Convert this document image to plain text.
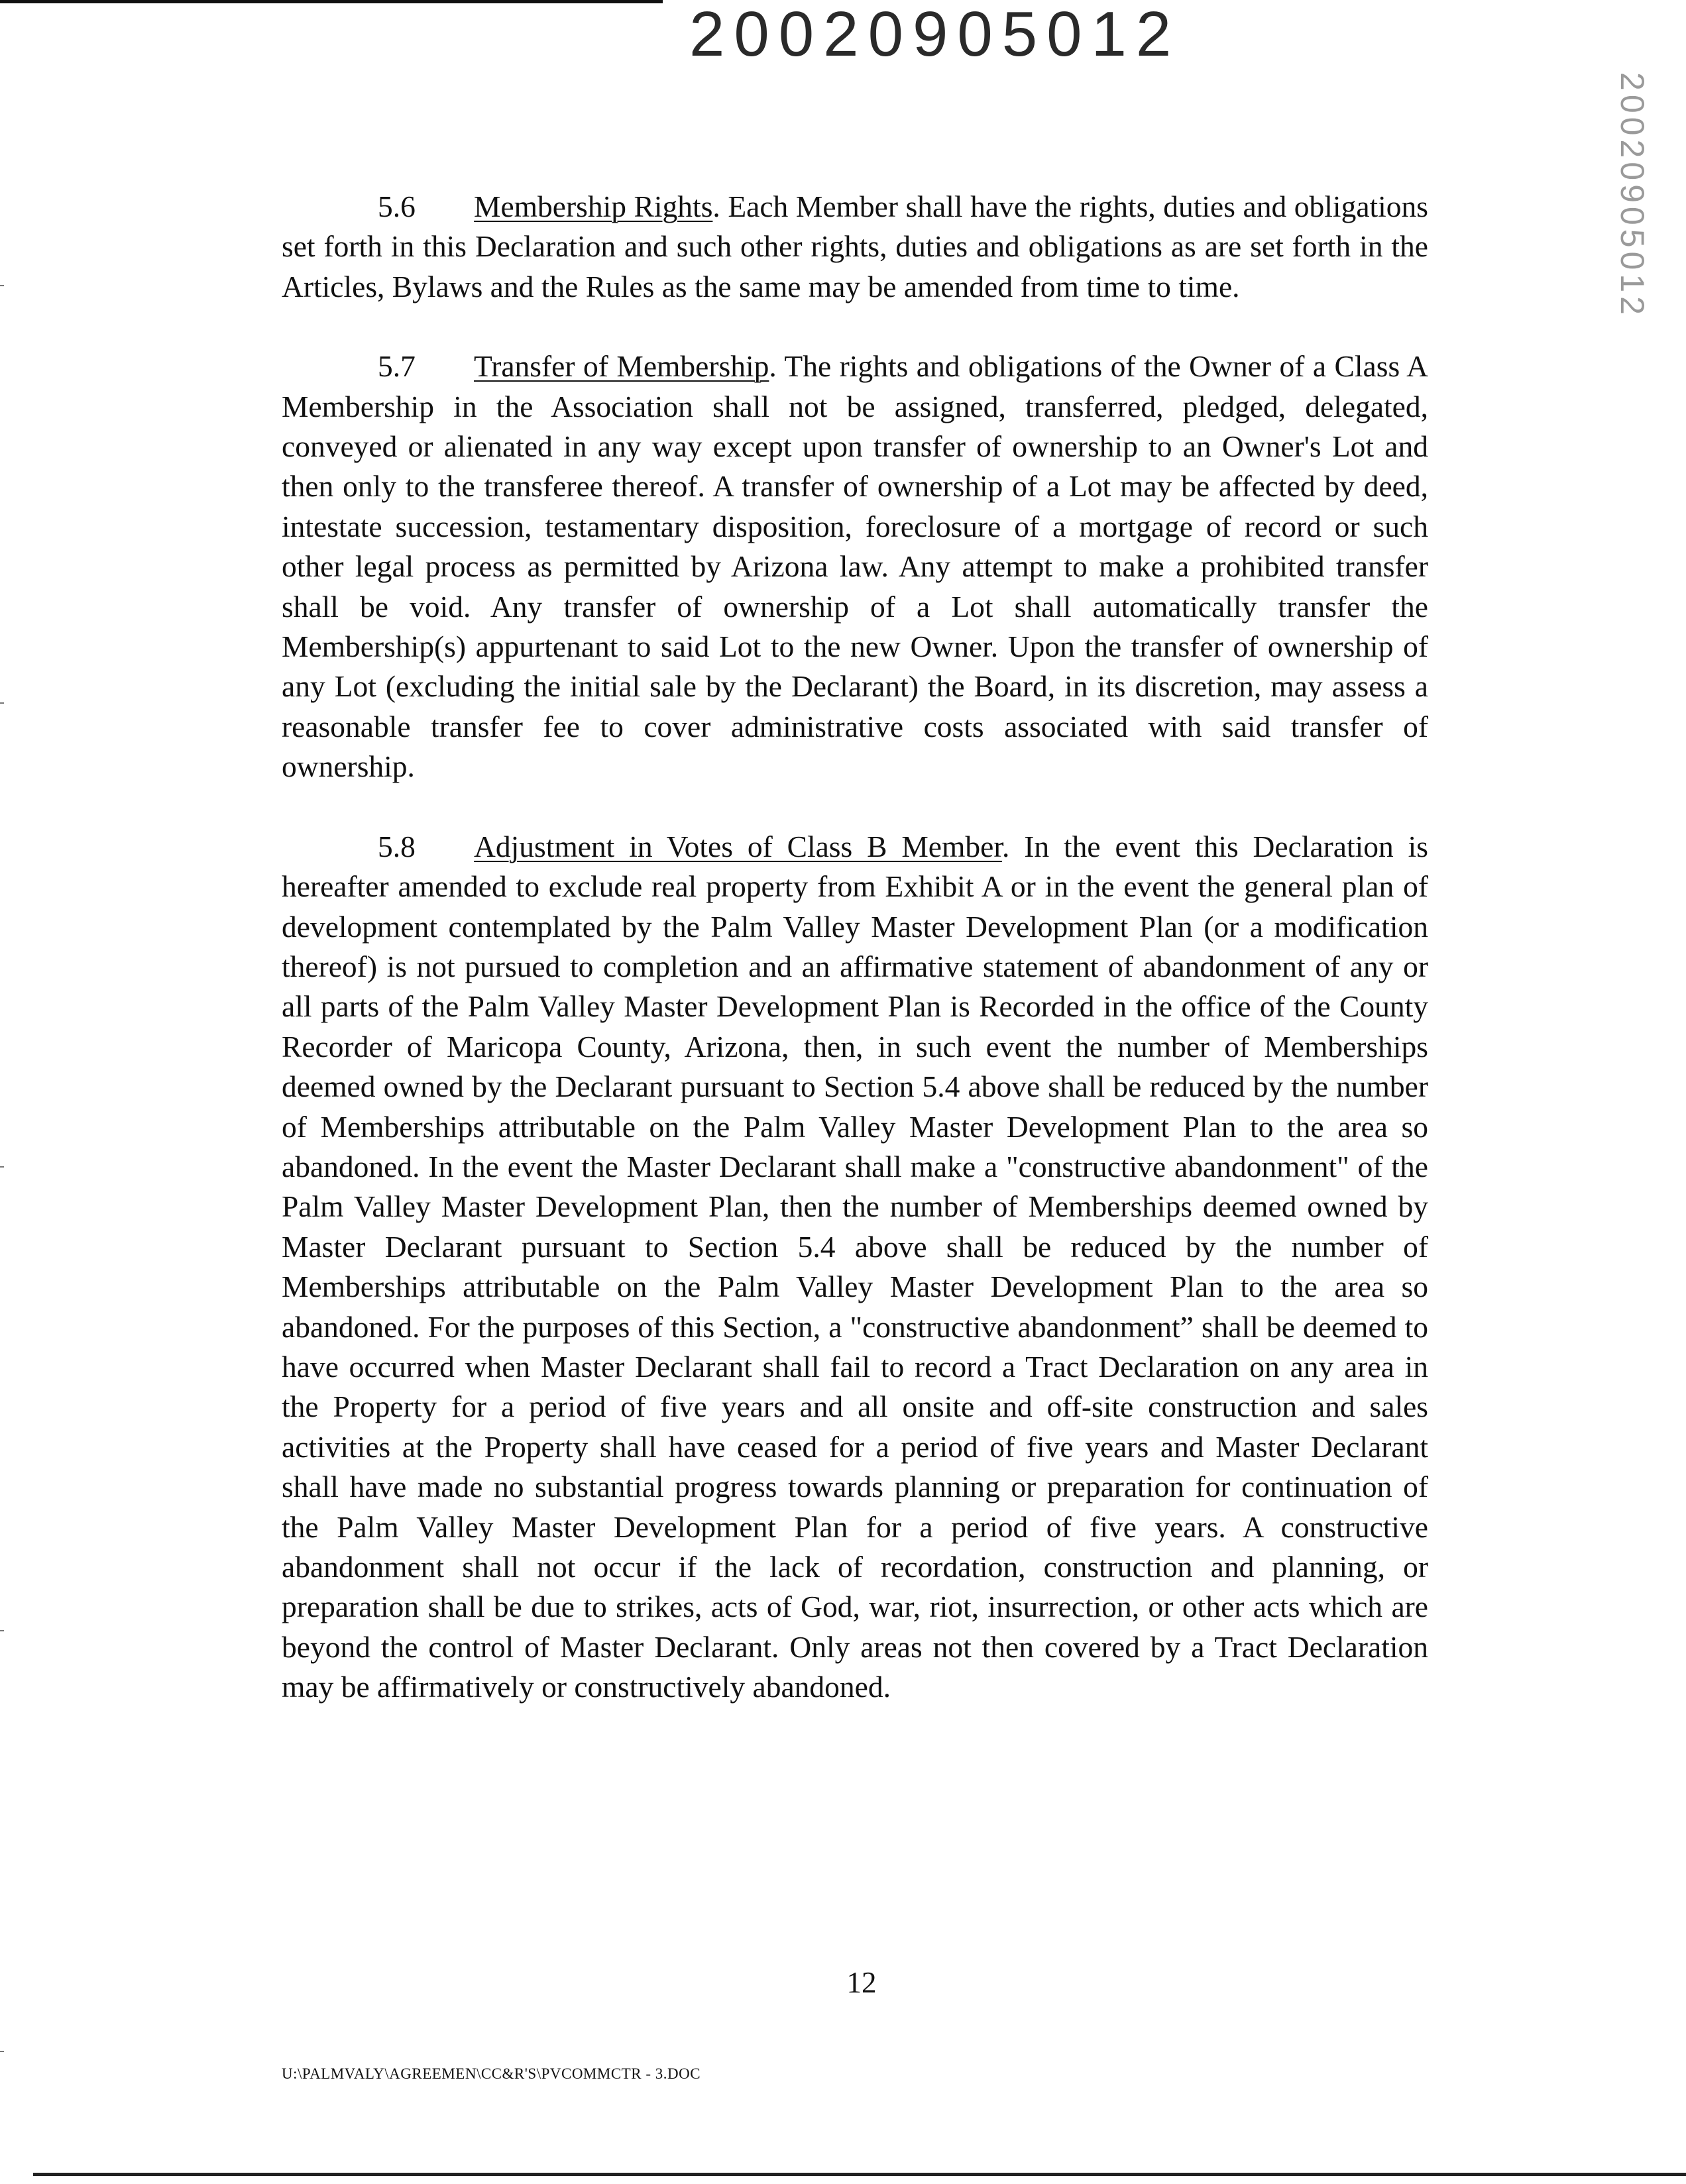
20020905012
20020905012

5.6 Membership Rights. Each Member shall have the rights, duties and obligations set forth in this Declaration and such other rights, duties and obligations as are set forth in the Articles, Bylaws and the Rules as the same may be amended from time to time.

5.7 Transfer of Membership. The rights and obligations of the Owner of a Class A Membership in the Association shall not be assigned, transferred, pledged, delegated, conveyed or alienated in any way except upon transfer of ownership to an Owner's Lot and then only to the transferee thereof. A transfer of ownership of a Lot may be affected by deed, intestate succession, testamentary disposition, foreclosure of a mortgage of record or such other legal process as permitted by Arizona law. Any attempt to make a prohibited transfer shall be void. Any transfer of ownership of a Lot shall automatically transfer the Membership(s) appurtenant to said Lot to the new Owner. Upon the transfer of ownership of any Lot (excluding the initial sale by the Declarant) the Board, in its discretion, may assess a reasonable transfer fee to cover administrative costs associated with said transfer of ownership.

5.8 Adjustment in Votes of Class B Member. In the event this Declaration is hereafter amended to exclude real property from Exhibit A or in the event the general plan of development contemplated by the Palm Valley Master Development Plan (or a modification thereof) is not pursued to completion and an affirmative statement of abandonment of any or all parts of the Palm Valley Master Development Plan is Recorded in the office of the County Recorder of Maricopa County, Arizona, then, in such event the number of Memberships deemed owned by the Declarant pursuant to Section 5.4 above shall be reduced by the number of Memberships attributable on the Palm Valley Master Development Plan to the area so abandoned. In the event the Master Declarant shall make a "constructive abandonment" of the Palm Valley Master Development Plan, then the number of Memberships deemed owned by Master Declarant pursuant to Section 5.4 above shall be reduced by the number of Memberships attributable on the Palm Valley Master Development Plan to the area so abandoned. For the purposes of this Section, a "constructive abandonment” shall be deemed to have occurred when Master Declarant shall fail to record a Tract Declaration on any area in the Property for a period of five years and all onsite and off-site construction and sales activities at the Property shall have ceased for a period of five years and Master Declarant shall have made no substantial progress towards planning or preparation for continuation of the Palm Valley Master Development Plan for a period of five years. A constructive abandonment shall not occur if the lack of recordation, construction and planning, or preparation shall be due to strikes, acts of God, war, riot, insurrection, or other acts which are beyond the control of Master Declarant. Only areas not then covered by a Tract Declaration may be affirmatively or constructively abandoned.

12
U:\PALMVALY\AGREEMEN\CC&R'S\PVCOMMCTR - 3.DOC
